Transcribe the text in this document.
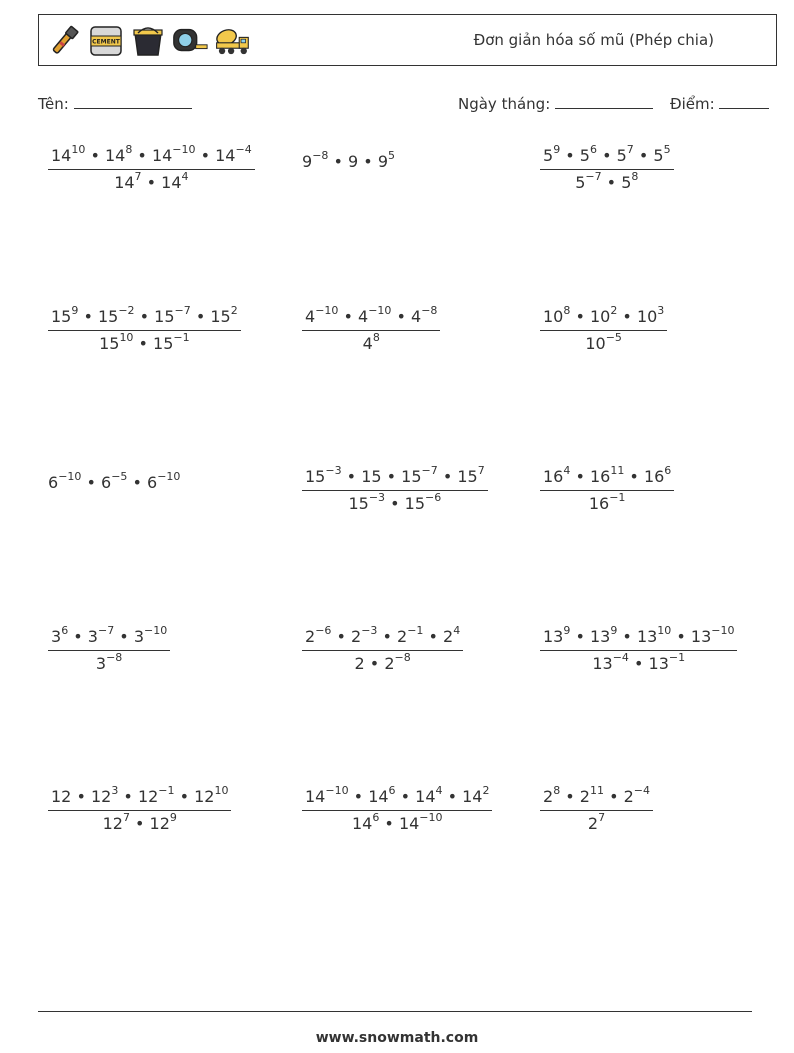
CEMENT	Đơn giản hóa số mũ (Phép chia)
Tên:	Ngày tháng:	Điểm:
$\frac{14^{10} • 14^8 • 14^{-10} • 14^{-4}}{14^7 • 14^4}$	$9^{-8}$ • 9 • $9^5$	$\frac{5^9 • 5^6 • 5^7 • 5^5}{5^{-7} • 5^8}$
$\frac{15^9 • 15^{-2} • 15^{-7} • 15^2}{15^{10} • 15^{-1}}$	$\frac{4^{-10} • 4^{-10} • 4^{-8}}{4^8}$	$\frac{10^8 • 10^2 • 10^3}{10^{-5}}$
$6^{-10}$ • $6^{-5}$ • $6^{-10}$	$\frac{15^{-3} • 15 • 15^{-7} • 15^7}{15^{-3} • 15^{-6}}$	$\frac{16^4 • 16^{11} • 16^6}{16^{-1}}$
$\frac{3^6 • 3^{-7} • 3^{-10}}{3^{-8}}$	$\frac{2^{-6} • 2^{-3} • 2^{-1} • 2^4}{2 • 2^{-8}}$	$\frac{13^9 • 13^9 • 13^{10} • 13^{-10}}{13^{-4} • 13^{-1}}$
$\frac{12 • 12^3 • 12^{-1} • 12^{10}}{12^7 • 12^9}$	$\frac{14^{-10} • 14^6 • 14^4 • 14^2}{14^6 • 14^{-10}}$	$\frac{2^8 • 2^{11} • 2^{-4}}{2^7}$
www.snowmath.com
